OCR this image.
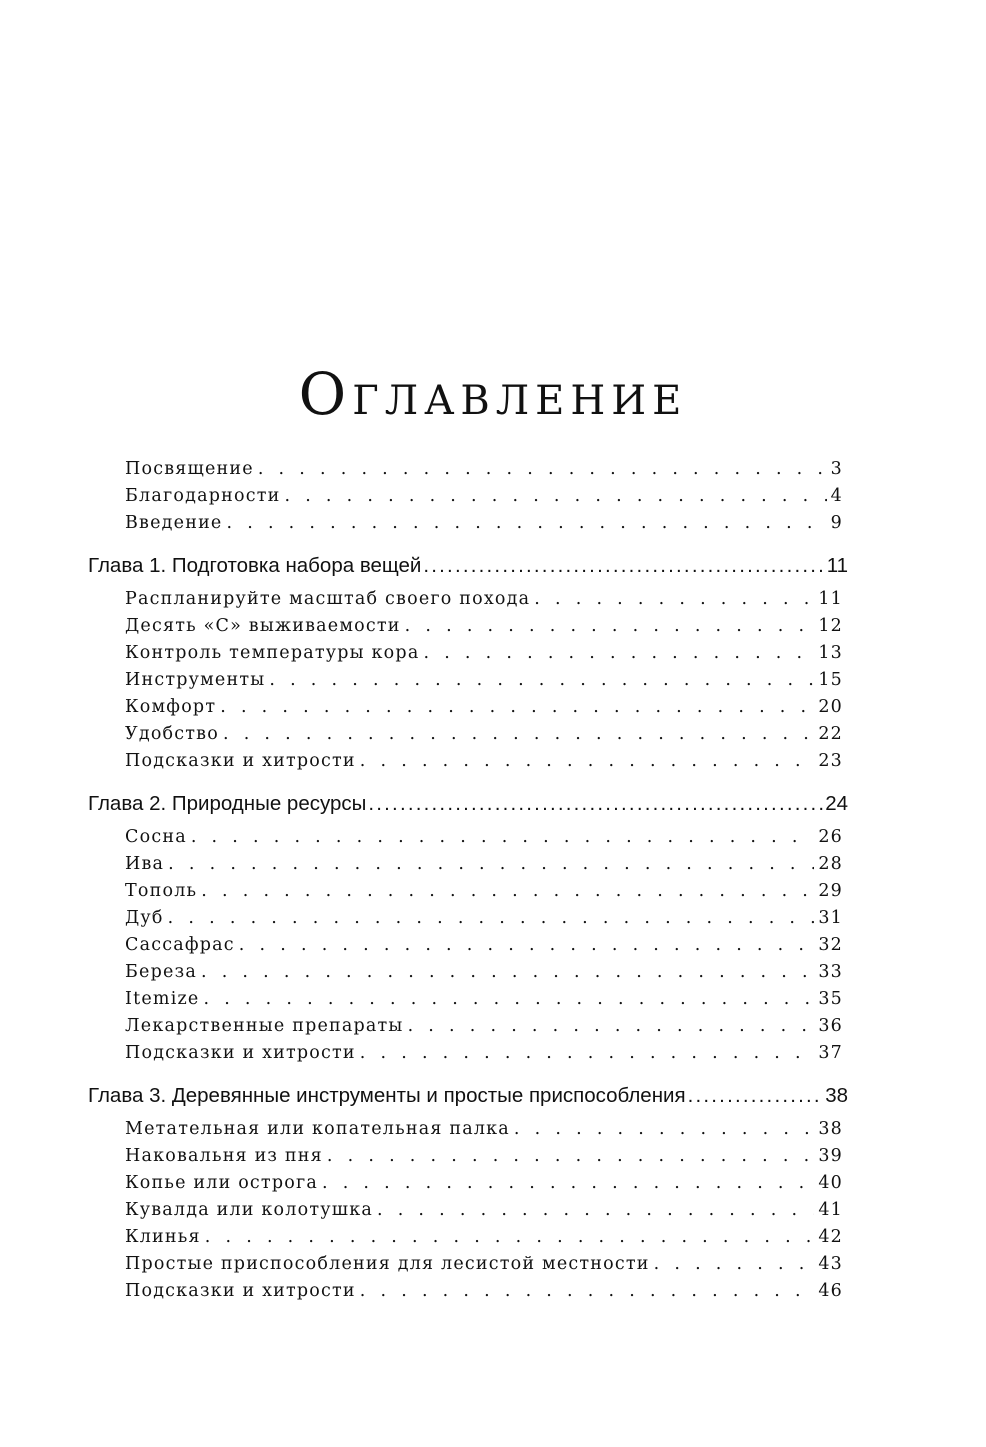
ОГЛАВЛЕНИЕ
Посвящение . . .	3
Благодарности . . .	4
Введение . . .	9
Глава 1. Подготовка набора вещей .....	11
Распланируйте масштаб своего похода . . .	11
Десять «С» выживаемости . . .	12
Контроль температуры кора . . .	13
Инструменты . . .	15
Комфорт . . .	20
Удобство . . .	22
Подсказки и хитрости . . .	23
Глава 2. Природные ресурсы .....	24
Сосна . . .	26
Ива . . .	28
Тополь . . .	29
Дуб . . .	31
Сассафрас . . .	32
Береза . . .	33
Itemize . . .	35
Лекарственные препараты . . .	36
Подсказки и хитрости . . .	37
Глава 3. Деревянные инструменты и простые приспособления .....	38
Метательная или копательная палка . . .	38
Наковальня из пня . . .	39
Копье или острога . . .	40
Кувалда или колотушка . . .	41
Клинья . . .	42
Простые приспособления для лесистой местности . . .	43
Подсказки и хитрости . . .	46
